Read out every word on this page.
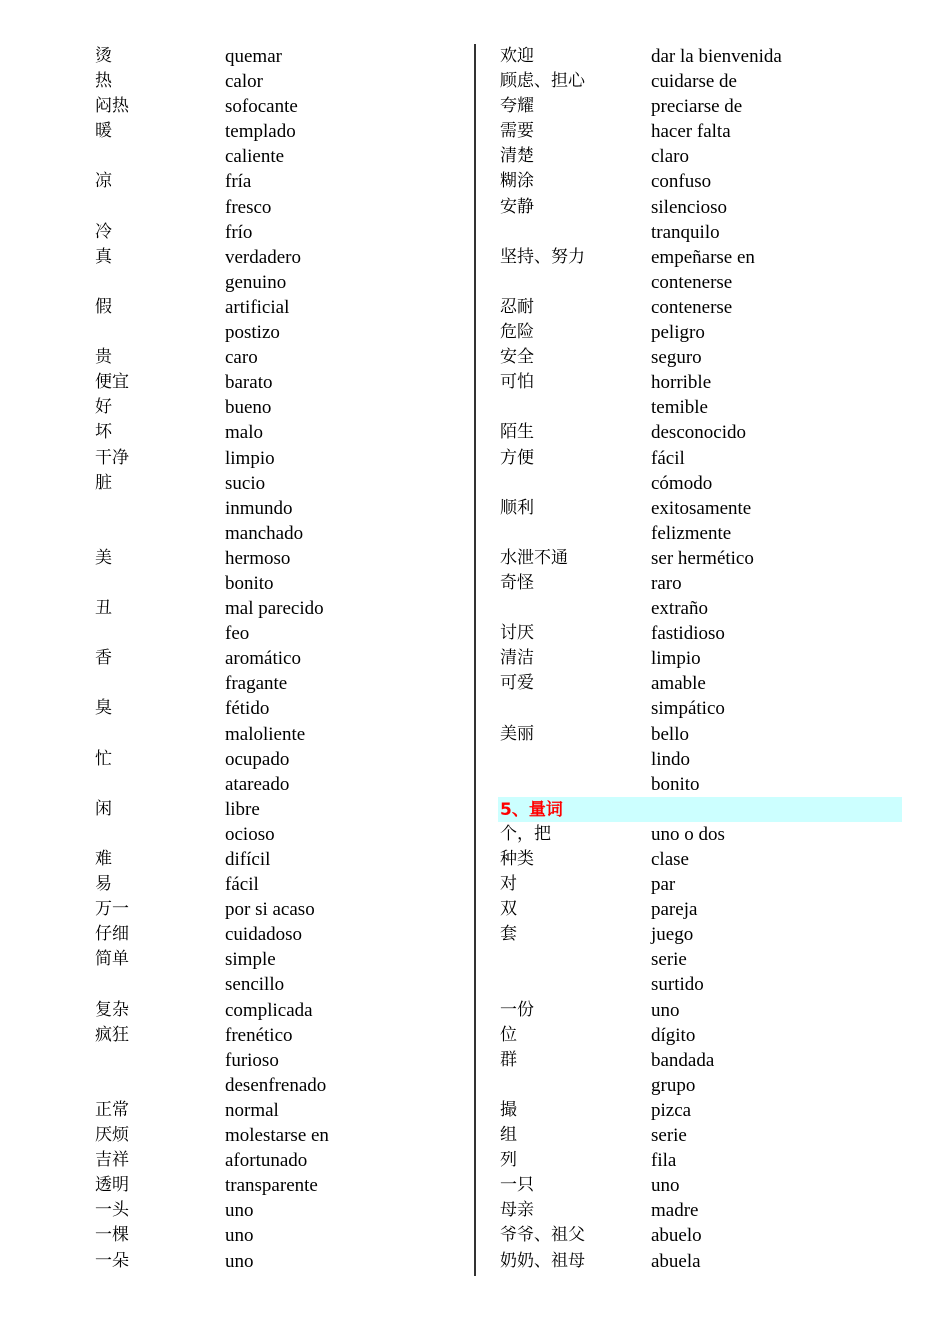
烫	quemar
热	calor
闷热	sofocante
暖	templado
caliente
凉	fría
fresco
冷	frío
真	verdadero
genuino
假	artificial
postizo
贵	caro
便宜	barato
好	bueno
坏	malo
干净	limpio
脏	sucio
inmundo
manchado
美	hermoso
bonito
丑	mal parecido
feo
香	aromático
fragante
臭	fétido
maloliente
忙	ocupado
atareado
闲	libre
ocioso
难	difícil
易	fácil
万一	por si acaso
仔细	cuidadoso
简单	simple
sencillo
复杂	complicada
疯狂	frenético
furioso
desenfrenado
正常	normal
厌烦	molestarse en
吉祥	afortunado
透明	transparente
一头	uno
一棵	uno
一朵	uno
欢迎	dar la bienvenida
顾虑、担心	cuidarse de
夸耀	preciarse de
需要	hacer falta
清楚	claro
糊涂	confuso
安静	silencioso
tranquilo
坚持、努力	empeñarse en
contenerse
忍耐	contenerse
危险	peligro
安全	seguro
可怕	horrible
temible
陌生	desconocido
方便	fácil
cómodo
顺利	exitosamente
felizmente
水泄不通	ser hermético
奇怪	raro
extraño
讨厌	fastidioso
清洁	limpio
可爱	amable
simpático
美丽	bello
lindo
bonito
5、量词
个，把	uno o dos
种类	clase
对	par
双	pareja
套	juego
serie
surtido
一份	uno
位	dígito
群	bandada
grupo
撮	pizca
组	serie
列	fila
一只	uno
母亲	madre
爷爷、祖父	abuelo
奶奶、祖母	abuela
